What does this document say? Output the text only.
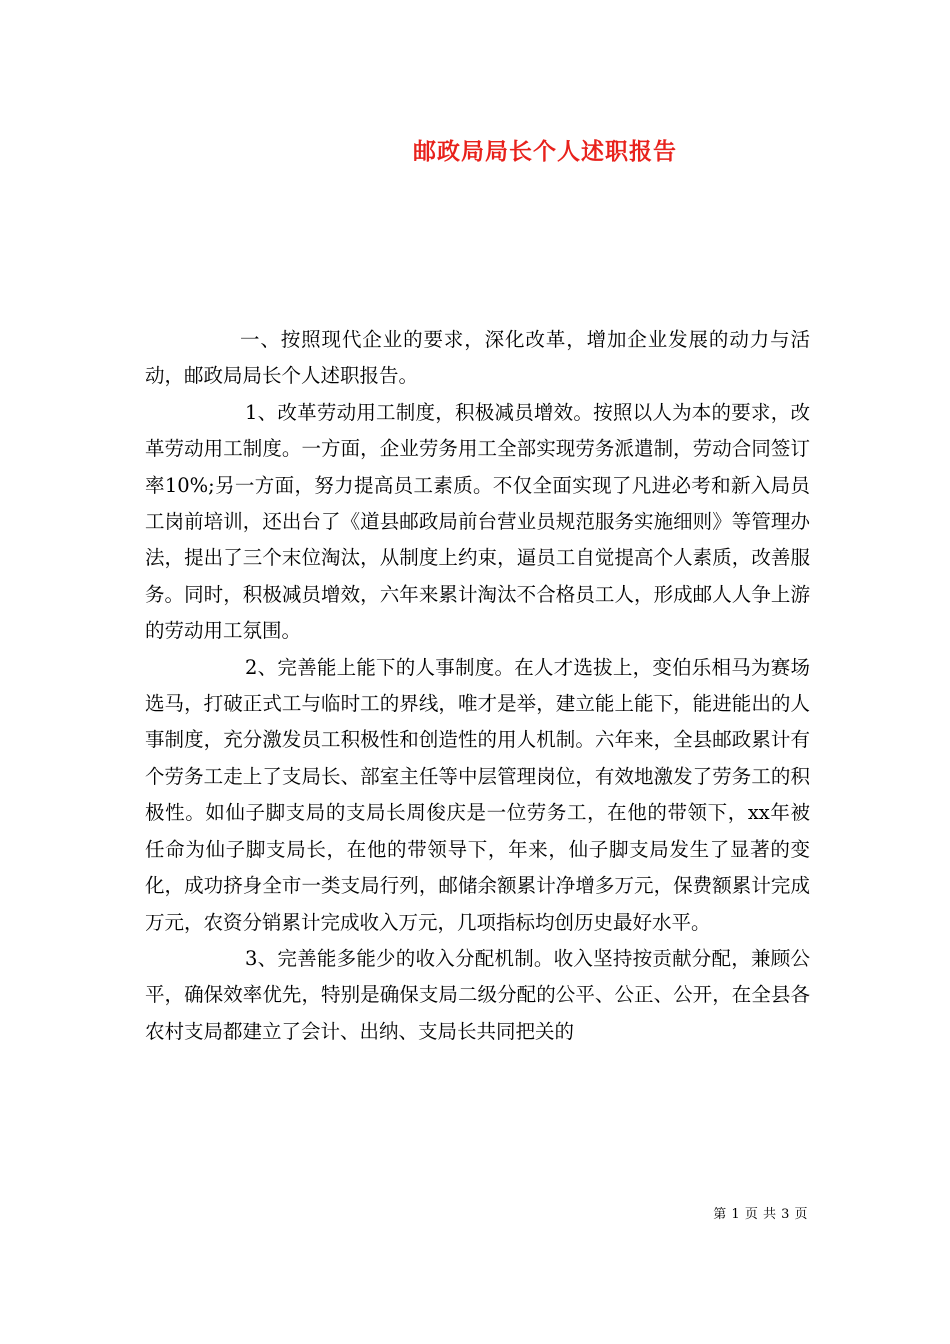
邮政局局长个人述职报告

一、按照现代企业的要求，深化改革，增加企业发展的动力与活动，邮政局局长个人述职报告。

1、改革劳动用工制度，积极减员增效。按照以人为本的要求，改革劳动用工制度。一方面，企业劳务用工全部实现劳务派遣制，劳动合同签订率10%;另一方面，努力提高员工素质。不仅全面实现了凡进必考和新入局员工岗前培训，还出台了《道县邮政局前台营业员规范服务实施细则》等管理办法，提出了三个末位淘汰，从制度上约束，逼员工自觉提高个人素质，改善服务。同时，积极减员增效，六年来累计淘汰不合格员工人，形成邮人人争上游的劳动用工氛围。

2、完善能上能下的人事制度。在人才选拔上，变伯乐相马为赛场选马，打破正式工与临时工的界线，唯才是举，建立能上能下，能进能出的人事制度，充分激发员工积极性和创造性的用人机制。六年来，全县邮政累计有个劳务工走上了支局长、部室主任等中层管理岗位，有效地激发了劳务工的积极性。如仙子脚支局的支局长周俊庆是一位劳务工，在他的带领下，xx年被任命为仙子脚支局长，在他的带领导下，年来，仙子脚支局发生了显著的变化，成功挤身全市一类支局行列，邮储余额累计净增多万元，保费额累计完成万元，农资分销累计完成收入万元，几项指标均创历史最好水平。

3、完善能多能少的收入分配机制。收入坚持按贡献分配，兼顾公平，确保效率优先，特别是确保支局二级分配的公平、公正、公开，在全县各农村支局都建立了会计、出纳、支局长共同把关的

第 1 页 共 3 页
